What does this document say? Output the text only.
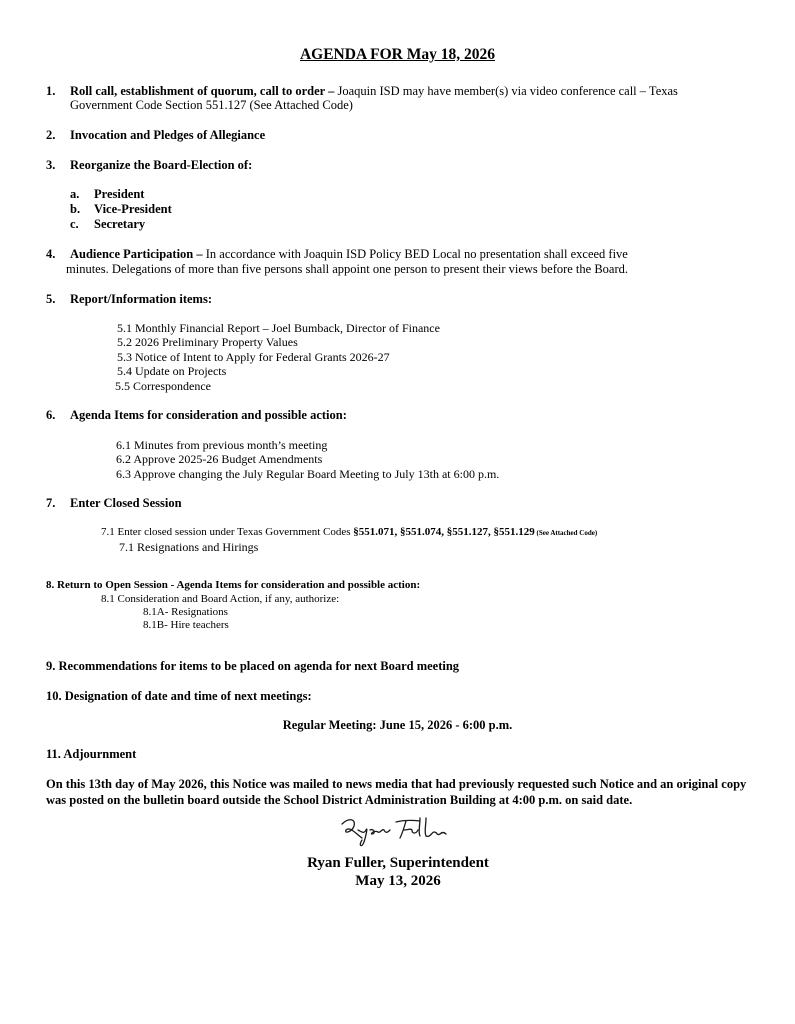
AGENDA FOR May 18, 2026
1. Roll call, establishment of quorum, call to order – Joaquin ISD may have member(s) via video conference call – Texas
Government Code Section 551.127 (See Attached Code)
2. Invocation and Pledges of Allegiance
3. Reorganize the Board-Election of:
a. President
b. Vice-President
c. Secretary
4. Audience Participation – In accordance with Joaquin ISD Policy BED Local no presentation shall exceed five
minutes. Delegations of more than five persons shall appoint one person to present their views before the Board.
5. Report/Information items:
5.1 Monthly Financial Report – Joel Bumback, Director of Finance
5.2 2026 Preliminary Property Values
5.3 Notice of Intent to Apply for Federal Grants 2026-27
5.4 Update on Projects
5.5 Correspondence
6. Agenda Items for consideration and possible action:
6.1 Minutes from previous month’s meeting
6.2 Approve 2025-26 Budget Amendments
6.3 Approve changing the July Regular Board Meeting to July 13th at 6:00 p.m.
7. Enter Closed Session
7.1 Enter closed session under Texas Government Codes §551.071, §551.074, §551.127, §551.129 (See Attached Code)
7.1 Resignations and Hirings
8. Return to Open Session - Agenda Items for consideration and possible action:
8.1 Consideration and Board Action, if any, authorize:
8.1A- Resignations
8.1B- Hire teachers
9. Recommendations for items to be placed on agenda for next Board meeting
10. Designation of date and time of next meetings:
Regular Meeting: June 15, 2026 - 6:00 p.m.
11. Adjournment
On this 13th day of May 2026, this Notice was mailed to news media that had previously requested such Notice and an original copy was posted on the bulletin board outside the School District Administration Building at 4:00 p.m. on said date.
Ryan Fuller, Superintendent
May 13, 2026
